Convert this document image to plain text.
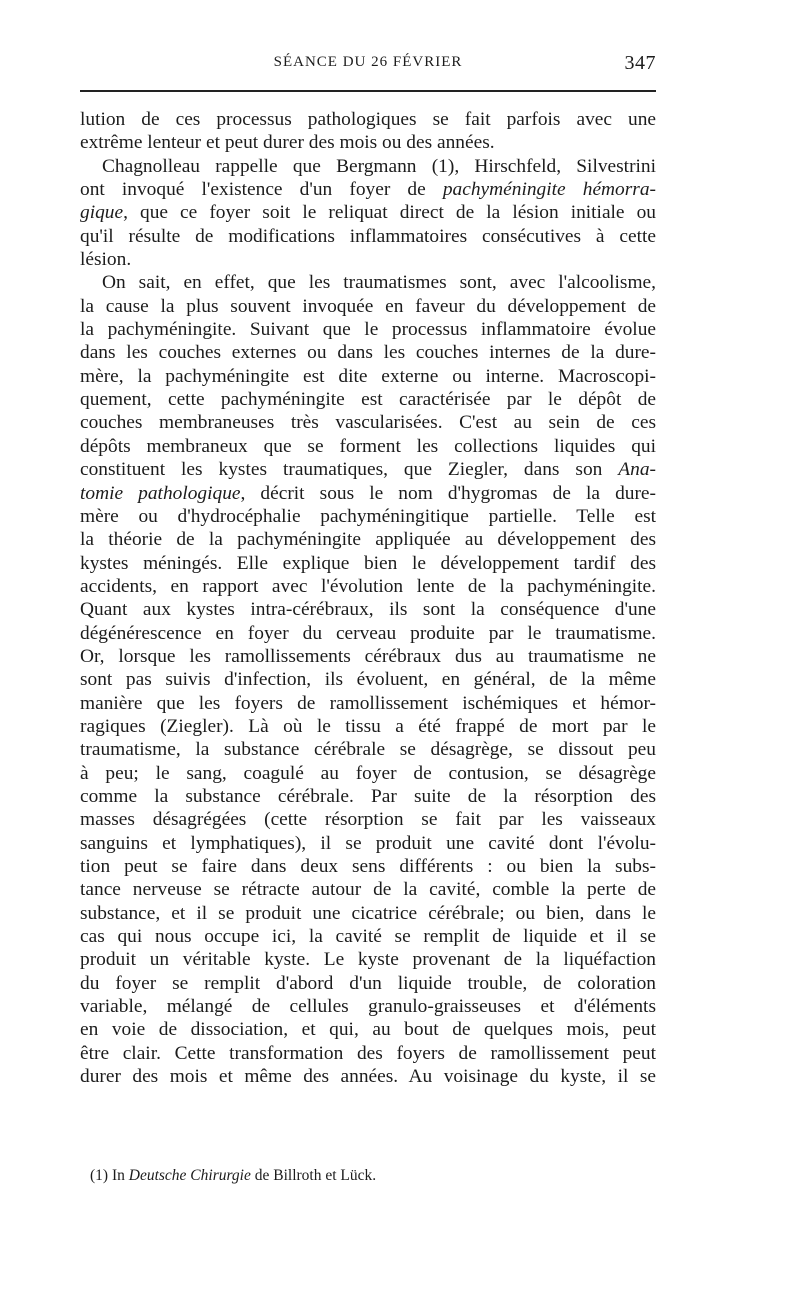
SÉANCE DU 26 FÉVRIER	347
lution de ces processus pathologiques se fait parfois avec une
extrême lenteur et peut durer des mois ou des années.
Chagnolleau rappelle que Bergmann (1), Hirschfeld, Silvestrini
ont invoqué l'existence d'un foyer de pachyméningite hémorra-
gique, que ce foyer soit le reliquat direct de la lésion initiale ou
qu'il résulte de modifications inflammatoires consécutives à cette
lésion.
On sait, en effet, que les traumatismes sont, avec l'alcoolisme,
la cause la plus souvent invoquée en faveur du développement de
la pachyméningite. Suivant que le processus inflammatoire évolue
dans les couches externes ou dans les couches internes de la dure-
mère, la pachyméningite est dite externe ou interne. Macroscopi-
quement, cette pachyméningite est caractérisée par le dépôt de
couches membraneuses très vascularisées. C'est au sein de ces
dépôts membraneux que se forment les collections liquides qui
constituent les kystes traumatiques, que Ziegler, dans son Ana-
tomie pathologique, décrit sous le nom d'hygromas de la dure-
mère ou d'hydrocéphalie pachyméningitique partielle. Telle est
la théorie de la pachyméningite appliquée au développement des
kystes méningés. Elle explique bien le développement tardif des
accidents, en rapport avec l'évolution lente de la pachyméningite.
Quant aux kystes intra-cérébraux, ils sont la conséquence d'une
dégénérescence en foyer du cerveau produite par le traumatisme.
Or, lorsque les ramollissements cérébraux dus au traumatisme ne
sont pas suivis d'infection, ils évoluent, en général, de la même
manière que les foyers de ramollissement ischémiques et hémor-
ragiques (Ziegler). Là où le tissu a été frappé de mort par le
traumatisme, la substance cérébrale se désagrège, se dissout peu
à peu; le sang, coagulé au foyer de contusion, se désagrège
comme la substance cérébrale. Par suite de la résorption des
masses désagrégées (cette résorption se fait par les vaisseaux
sanguins et lymphatiques), il se produit une cavité dont l'évolu-
tion peut se faire dans deux sens différents : ou bien la subs-
tance nerveuse se rétracte autour de la cavité, comble la perte de
substance, et il se produit une cicatrice cérébrale; ou bien, dans le
cas qui nous occupe ici, la cavité se remplit de liquide et il se
produit un véritable kyste. Le kyste provenant de la liquéfaction
du foyer se remplit d'abord d'un liquide trouble, de coloration
variable, mélangé de cellules granulo-graisseuses et d'éléments
en voie de dissociation, et qui, au bout de quelques mois, peut
être clair. Cette transformation des foyers de ramollissement peut
durer des mois et même des années. Au voisinage du kyste, il se
(1) In Deutsche Chirurgie de Billroth et Lück.
